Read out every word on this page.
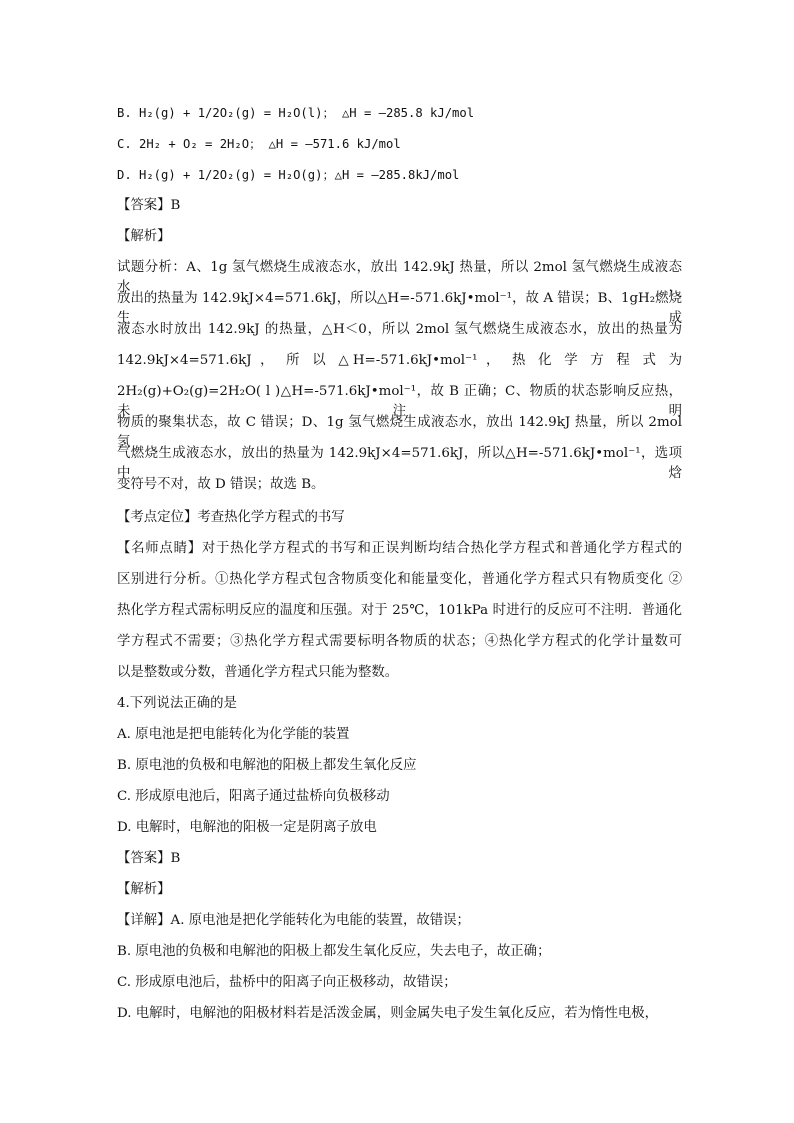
B. H₂(g) + 1/2O₂(g) = H₂O(l)； △H = —285.8 kJ/mol
C. 2H₂ + O₂ = 2H₂O； △H = —571.6 kJ/mol
D. H₂(g) + 1/2O₂(g) = H₂O(g)；△H = —285.8kJ/mol
【答案】B
【解析】
试题分析：A、1g 氢气燃烧生成液态水，放出 142.9kJ 热量，所以 2mol 氢气燃烧生成液态水，
放出的热量为 142.9kJ×4=571.6kJ，所以△H=-571.6kJ•mol⁻¹，故 A 错误；B、1gH₂燃烧生成
液态水时放出 142.9kJ 的热量，△H＜0，所以 2mol 氢气燃烧生成液态水，放出的热量为
142.9kJ×4=571.6kJ ， 所 以 △H=-571.6kJ•mol⁻¹ ， 热 化 学 方 程 式 为
2H₂(g)+O₂(g)=2H₂O( l )△H=-571.6kJ•mol⁻¹，故 B 正确；C、物质的状态影响反应热，未注明
物质的聚集状态，故 C 错误；D、1g 氢气燃烧生成液态水，放出 142.9kJ 热量，所以 2mol 氢
气燃烧生成液态水，放出的热量为 142.9kJ×4=571.6kJ，所以△H=-571.6kJ•mol⁻¹，选项中焓
变符号不对，故 D 错误；故选 B。
【考点定位】考查热化学方程式的书写
【名师点睛】对于热化学方程式的书写和正误判断均结合热化学方程式和普通化学方程式的
区别进行分析。①热化学方程式包含物质变化和能量变化，普通化学方程式只有物质变化 ②
热化学方程式需标明反应的温度和压强。对于 25℃，101kPa 时进行的反应可不注明．普通化
学方程式不需要；③热化学方程式需要标明各物质的状态；④热化学方程式的化学计量数可
以是整数或分数，普通化学方程式只能为整数。
4.下列说法正确的是
A. 原电池是把电能转化为化学能的装置
B. 原电池的负极和电解池的阳极上都发生氧化反应
C. 形成原电池后，阳离子通过盐桥向负极移动
D. 电解时，电解池的阳极一定是阴离子放电
【答案】B
【解析】
【详解】A. 原电池是把化学能转化为电能的装置，故错误；
B. 原电池的负极和电解池的阳极上都发生氧化反应，失去电子，故正确；
C. 形成原电池后，盐桥中的阳离子向正极移动，故错误；
D. 电解时，电解池的阳极材料若是活泼金属，则金属失电子发生氧化反应，若为惰性电极，
